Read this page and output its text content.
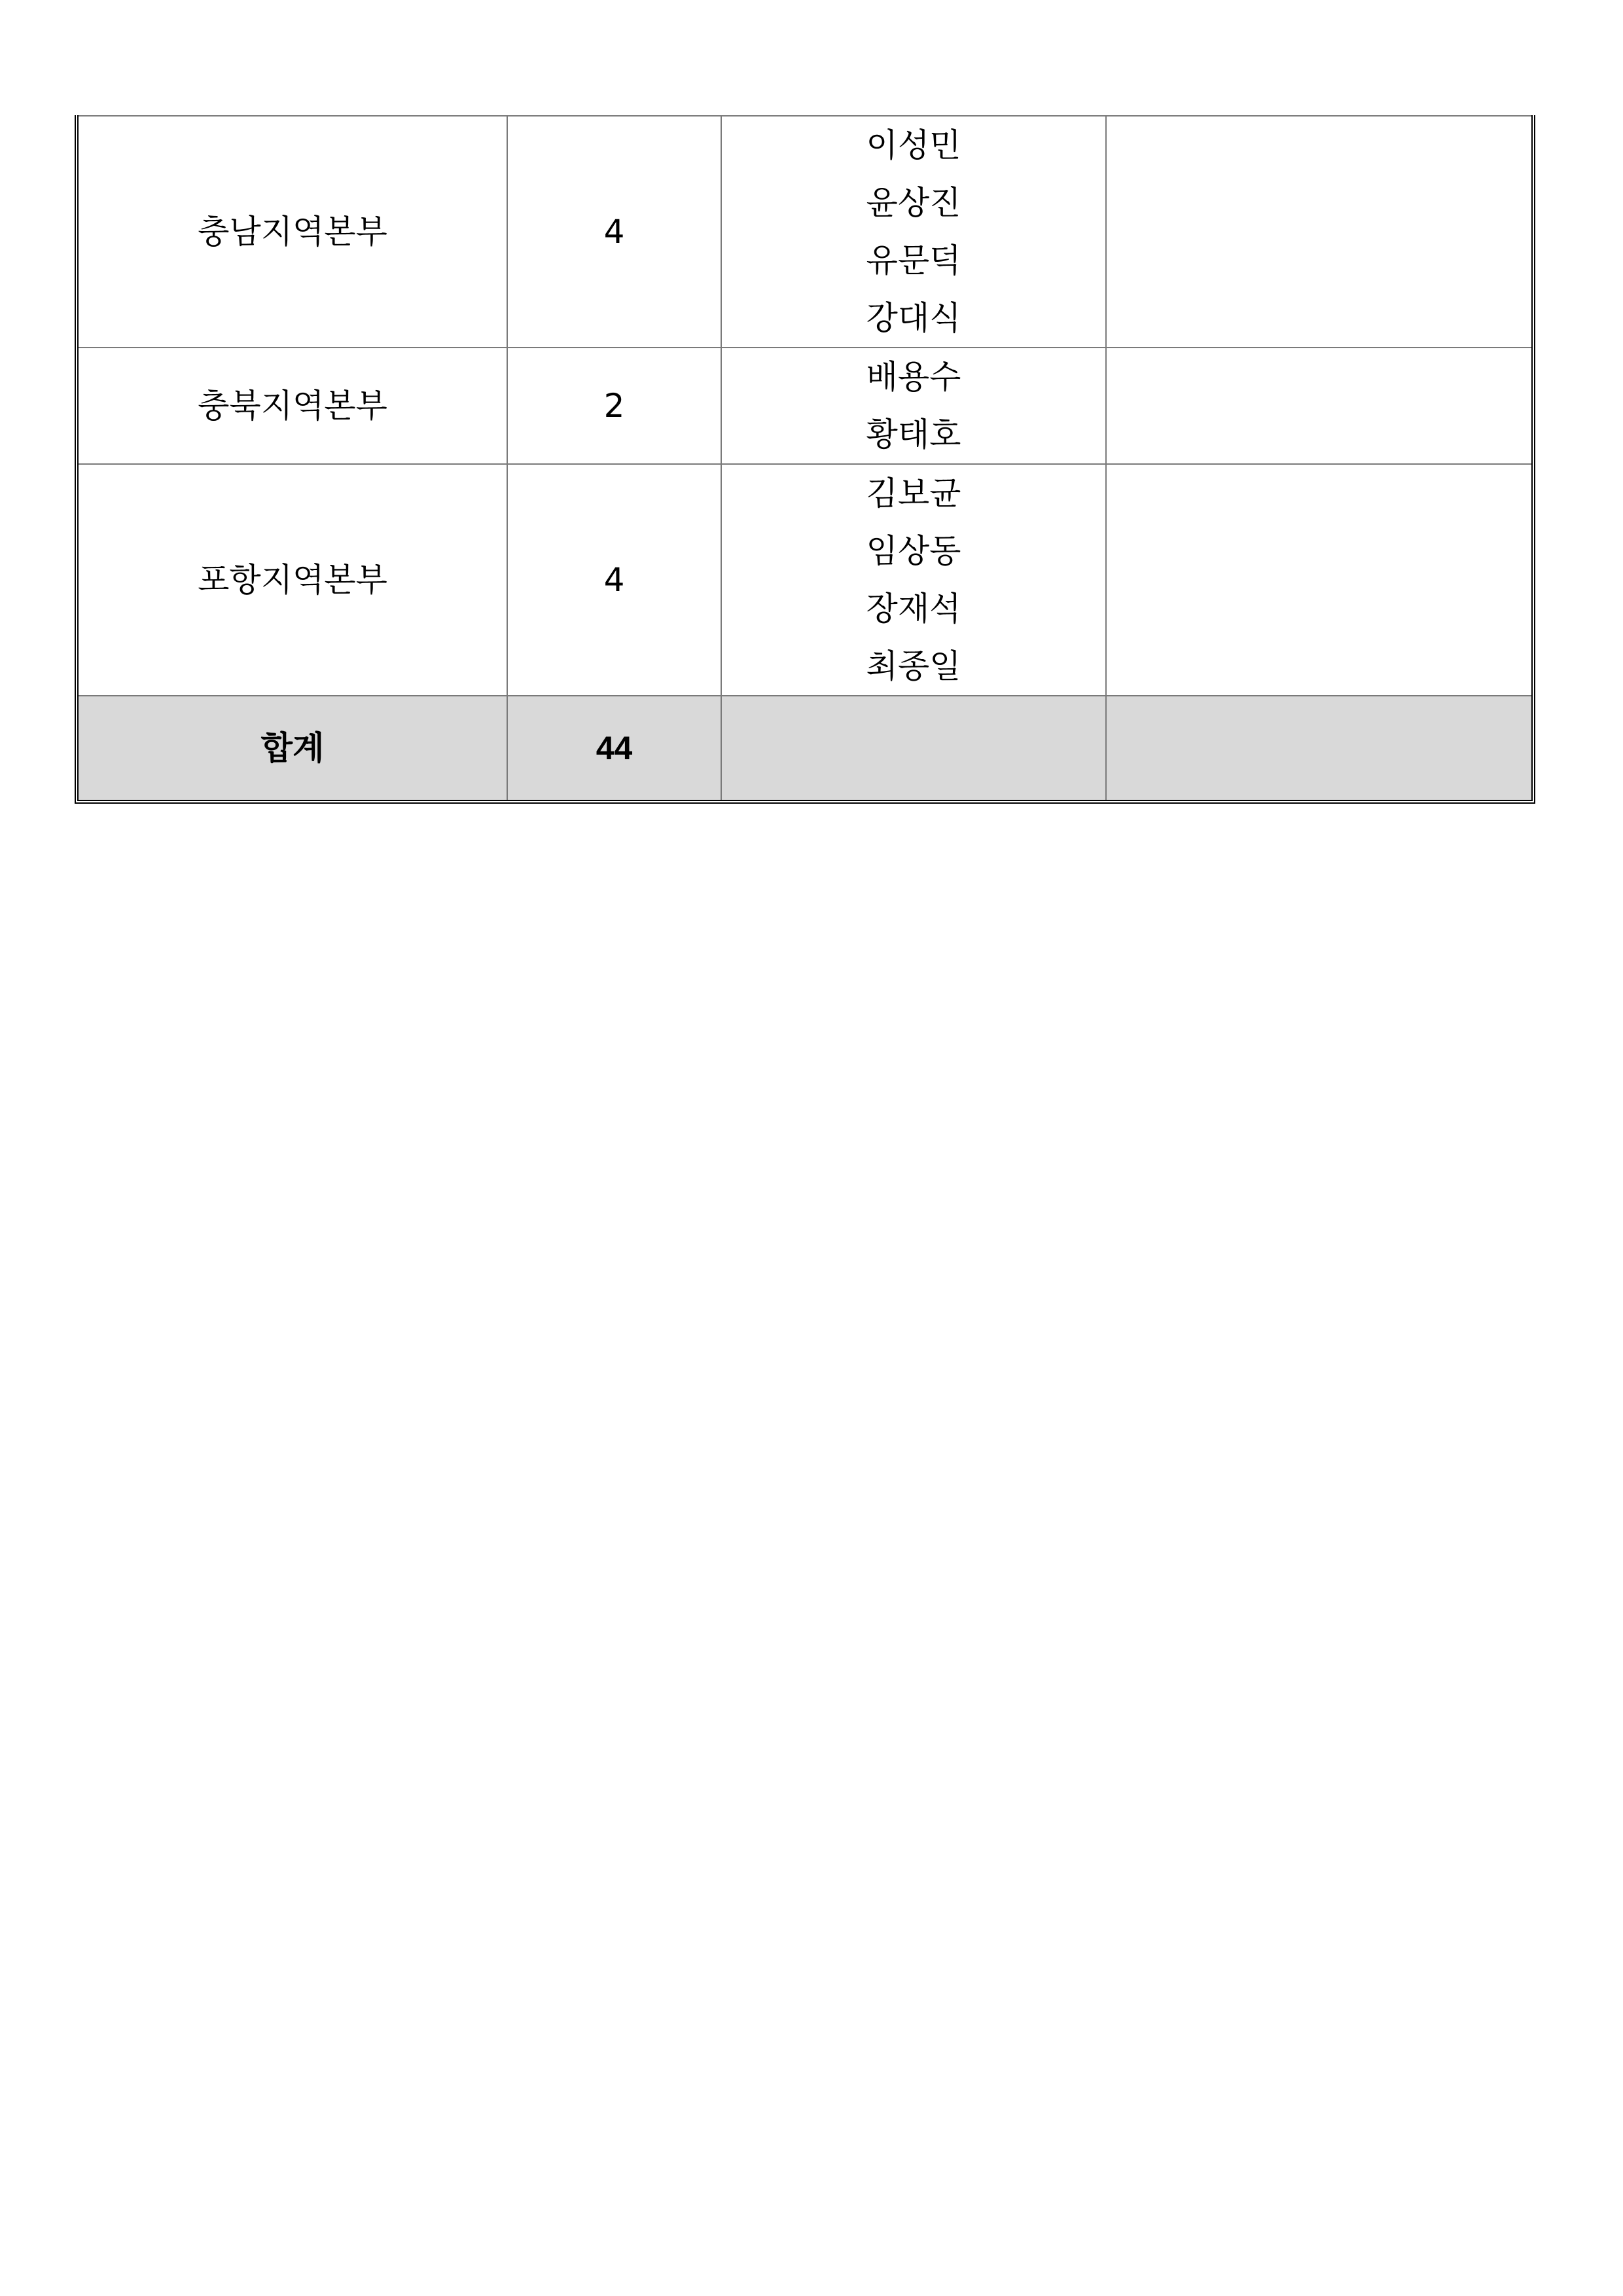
충남지역본부	4	이성민
윤상진
유문덕
강대식	

충북지역본부	2	배용수
황태호	

포항지역본부	4	김보균
임상동
장재석
최종일	

합계	44		
